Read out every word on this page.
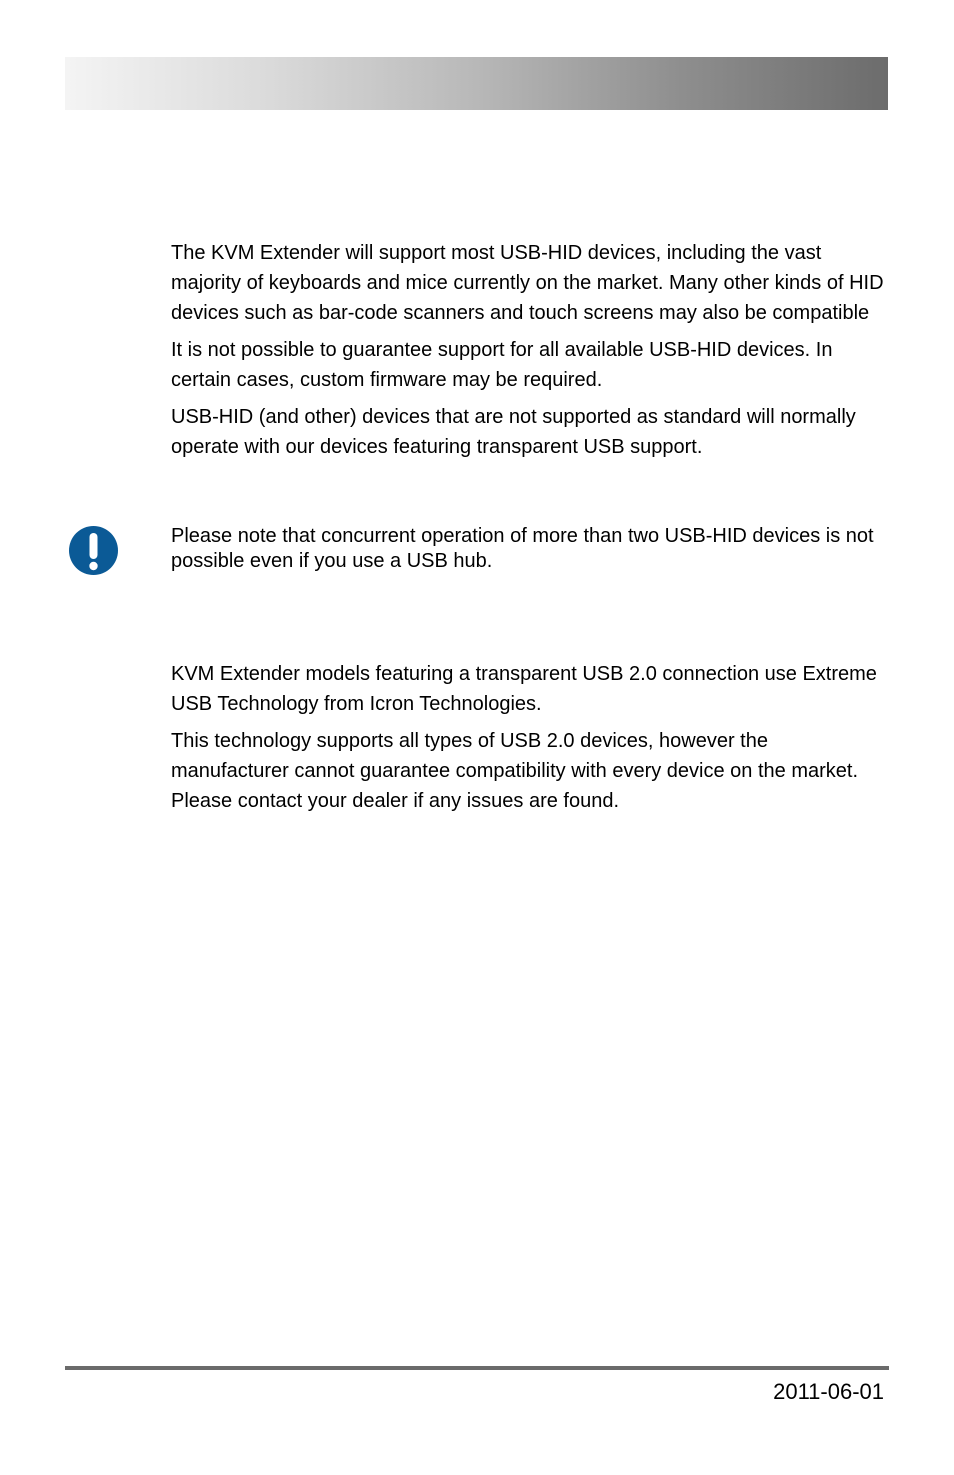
The KVM Extender will support most USB-HID devices, including the vast majority of keyboards and mice currently on the market. Many other kinds of HID devices such as bar-code scanners and touch screens may also be compatible

It is not possible to guarantee support for all available USB-HID devices. In certain cases, custom firmware may be required.

USB-HID (and other) devices that are not supported as standard will normally operate with our devices featuring transparent USB support.

Please note that concurrent operation of more than two USB-HID devices is not possible even if you use a USB hub.

KVM Extender models featuring a transparent USB 2.0 connection use Extreme USB Technology from Icron Technologies.

This technology supports all types of USB 2.0 devices, however the manufacturer cannot guarantee compatibility with every device on the market. Please contact your dealer if any issues are found.

2011-06-01
